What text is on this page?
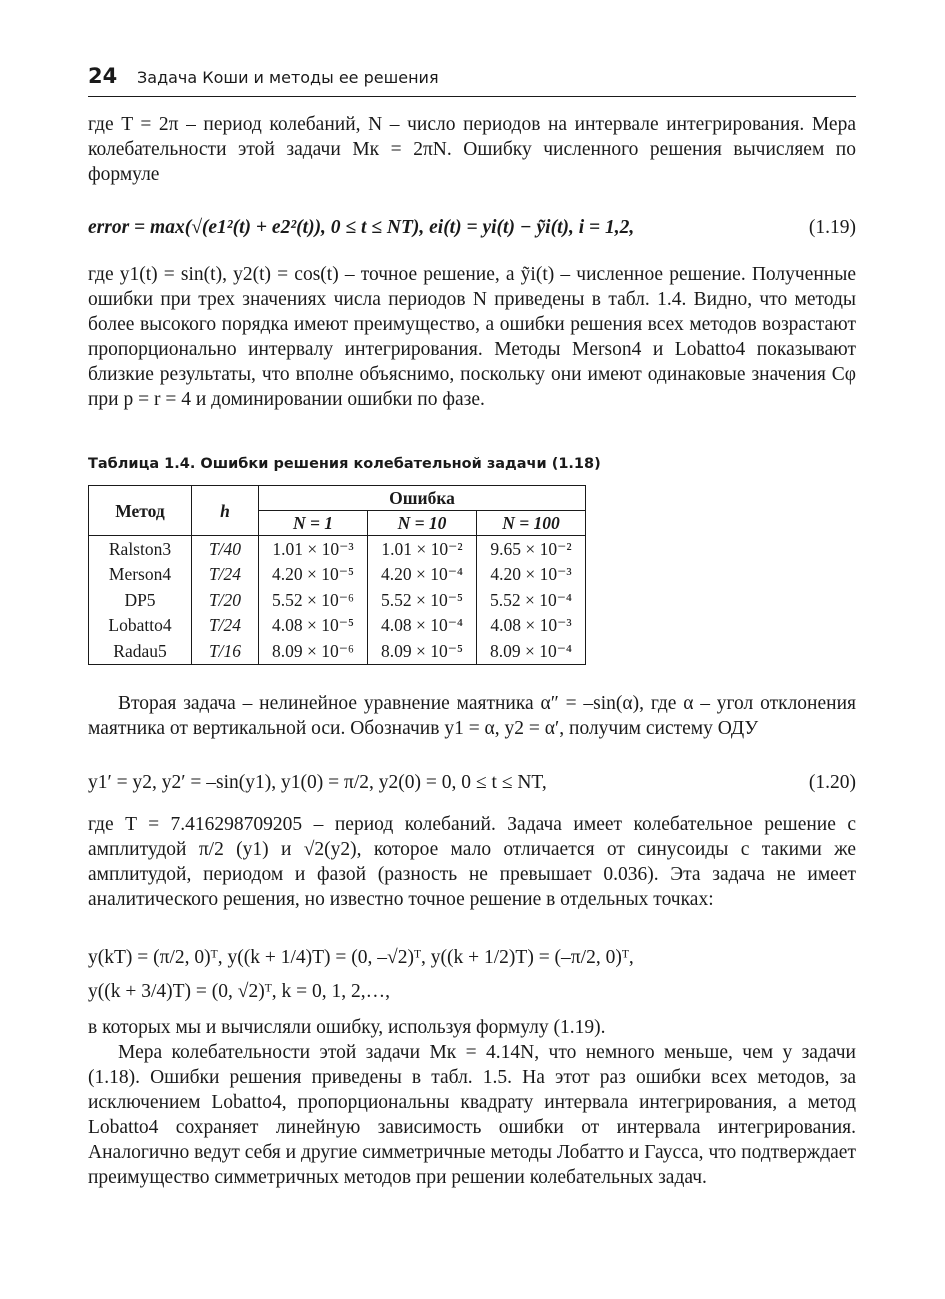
24 Задача Коши и методы ее решения

где T = 2π – период колебаний, N – число периодов на интервале интегрирования. Мера колебательности этой задачи Mк = 2πN. Ошибку численного решения вычисляем по формуле

error = max(√(e1²(t) + e2²(t)), 0 ≤ t ≤ NT), ei(t) = yi(t) − ỹi(t), i = 1,2,	(1.19)

где y1(t) = sin(t), y2(t) = cos(t) – точное решение, а ỹi(t) – численное решение. Полученные ошибки при трех значениях числа периодов N приведены в табл. 1.4. Видно, что методы более высокого порядка имеют преимущество, а ошибки решения всех методов возрастают пропорционально интервалу интегрирования. Методы Merson4 и Lobatto4 показывают близкие результаты, что вполне объяснимо, поскольку они имеют одинаковые значения Cφ при p = r = 4 и доминировании ошибки по фазе.

Таблица 1.4. Ошибки решения колебательной задачи (1.18)
Метод	h	Ошибка		
		N = 1	N = 10	N = 100
Ralston3	T/40	1.01 × 10⁻³	1.01 × 10⁻²	9.65 × 10⁻²
Merson4	T/24	4.20 × 10⁻⁵	4.20 × 10⁻⁴	4.20 × 10⁻³
DP5	T/20	5.52 × 10⁻⁶	5.52 × 10⁻⁵	5.52 × 10⁻⁴
Lobatto4	T/24	4.08 × 10⁻⁵	4.08 × 10⁻⁴	4.08 × 10⁻³
Radau5	T/16	8.09 × 10⁻⁶	8.09 × 10⁻⁵	8.09 × 10⁻⁴

Вторая задача – нелинейное уравнение маятника α″ = –sin(α), где α – угол отклонения маятника от вертикальной оси. Обозначив y1 = α, y2 = α′, получим систему ОДУ

y1′ = y2, y2′ = –sin(y1), y1(0) = π/2, y2(0) = 0, 0 ≤ t ≤ NT,	(1.20)

где T = 7.416298709205 – период колебаний. Задача имеет колебательное решение с амплитудой π/2 (y1) и √2(y2), которое мало отличается от синусоиды с такими же амплитудой, периодом и фазой (разность не превышает 0.036). Эта задача не имеет аналитического решения, но известно точное решение в отдельных точках:

y(kT) = (π/2, 0)ᵀ, y((k + 1/4)T) = (0, –√2)ᵀ, y((k + 1/2)T) = (–π/2, 0)ᵀ,
y((k + 3/4)T) = (0, √2)ᵀ, k = 0, 1, 2,…,

в которых мы и вычисляли ошибку, используя формулу (1.19).

Мера колебательности этой задачи Mк = 4.14N, что немного меньше, чем у задачи (1.18). Ошибки решения приведены в табл. 1.5. На этот раз ошибки всех методов, за исключением Lobatto4, пропорциональны квадрату интервала интегрирования, а метод Lobatto4 сохраняет линейную зависимость ошибки от интервала интегрирования. Аналогично ведут себя и другие симметричные методы Лобатто и Гаусса, что подтверждает преимущество симметричных методов при решении колебательных задач.
